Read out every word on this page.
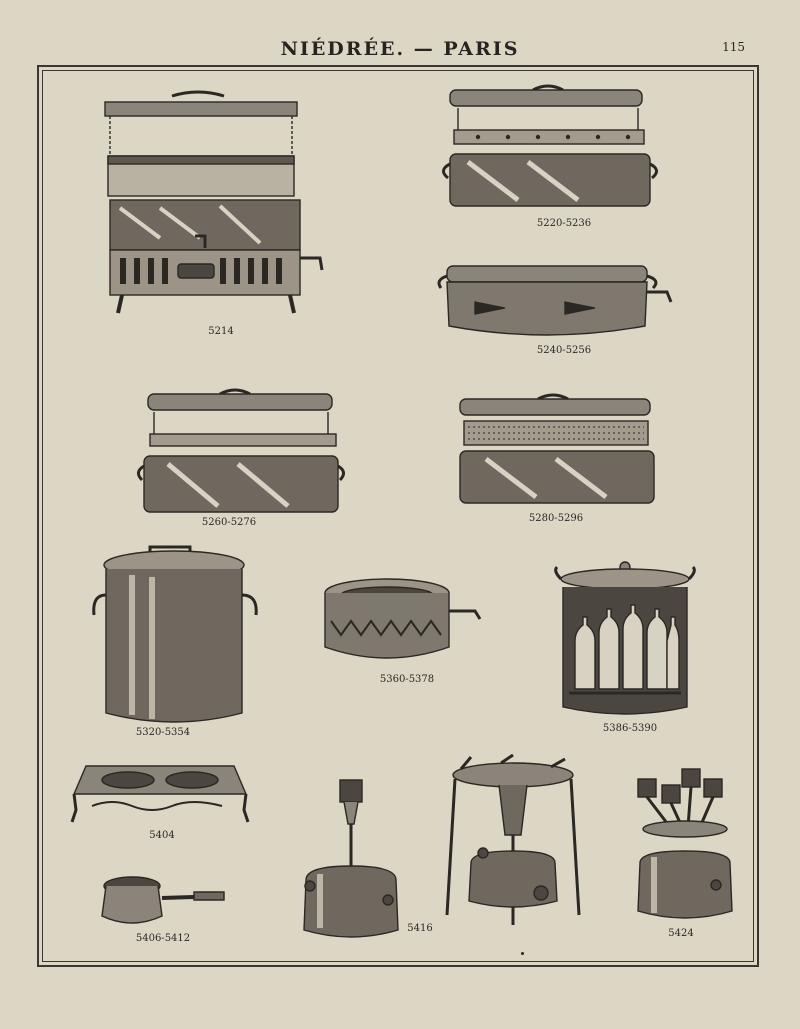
NIÉDRÉE. — PARIS	115
5214
5220-5236
5240-5256
5260-5276	5280-5296
5320-5354
5360-5378
5386-5390
5404
5406-5412
5416	5424
